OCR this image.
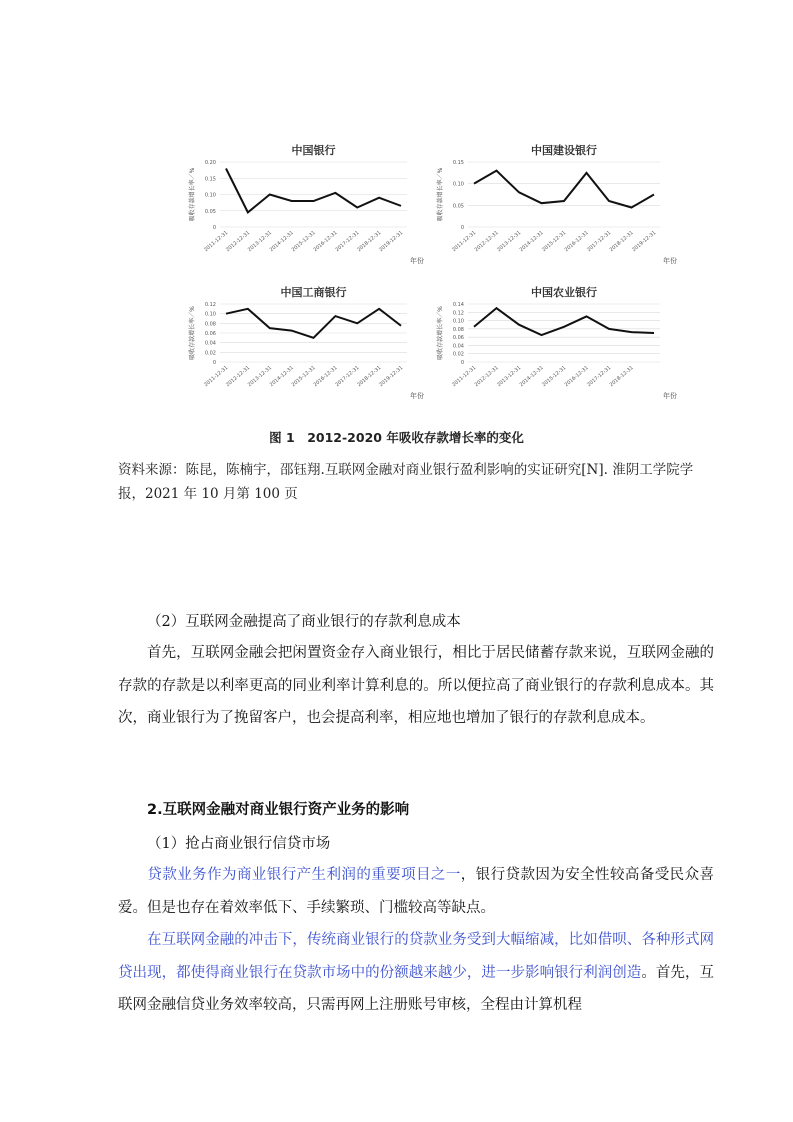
中国银行
吸收存款增长率／%
0.20
0.15
0.10
0.05
0
2011-12-31
2012-12-31
2013-12-31
2014-12-31
2015-12-31
2016-12-31
2017-12-31
2018-12-31
2019-12-31
年份
中国建设银行
吸收存款增长率／%
0.15
0.10
0.05
0
2011-12-31
2012-12-31
2013-12-31
2014-12-31
2015-12-31
2016-12-31
2017-12-31
2018-12-31
2019-12-31
年份
中国工商银行
吸收存款增长率／%
0.12
0.10
0.08
0.06
0.04
0.02
0
2011-12-31
2012-12-31
2013-12-31
2014-12-31
2015-12-31
2016-12-31
2017-12-31
2018-12-31
2019-12-31
年份
中国农业银行
吸收存款增长率／%
0.14
0.12
0.10
0.08
0.06
0.04
0.02
0
2011-12-31
2012-12-31
2013-12-31
2014-12-31
2015-12-31
2016-12-31
2017-12-31
2018-12-31
年份
图 1　2012-2020 年吸收存款增长率的变化
资料来源：陈昆，陈楠宇，邵钰翔.互联网金融对商业银行盈利影响的实证研究[N]. 淮阴工学院学报，2021 年 10 月第 100 页
（2）互联网金融提高了商业银行的存款利息成本
首先，互联网金融会把闲置资金存入商业银行，相比于居民储蓄存款来说，互联网金融的存款的存款是以利率更高的同业利率计算利息的。所以便拉高了商业银行的存款利息成本。其次，商业银行为了挽留客户，也会提高利率，相应地也增加了银行的存款利息成本。
2.互联网金融对商业银行资产业务的影响
（1）抢占商业银行信贷市场
贷款业务作为商业银行产生利润的重要项目之一，银行贷款因为安全性较高备受民众喜爱。但是也存在着效率低下、手续繁琐、门槛较高等缺点。
在互联网金融的冲击下，传统商业银行的贷款业务受到大幅缩减，比如借呗、各种形式网贷出现，都使得商业银行在贷款市场中的份额越来越少，进一步影响银行利润创造。首先，互联网金融信贷业务效率较高，只需再网上注册账号审核，全程由计算机程
